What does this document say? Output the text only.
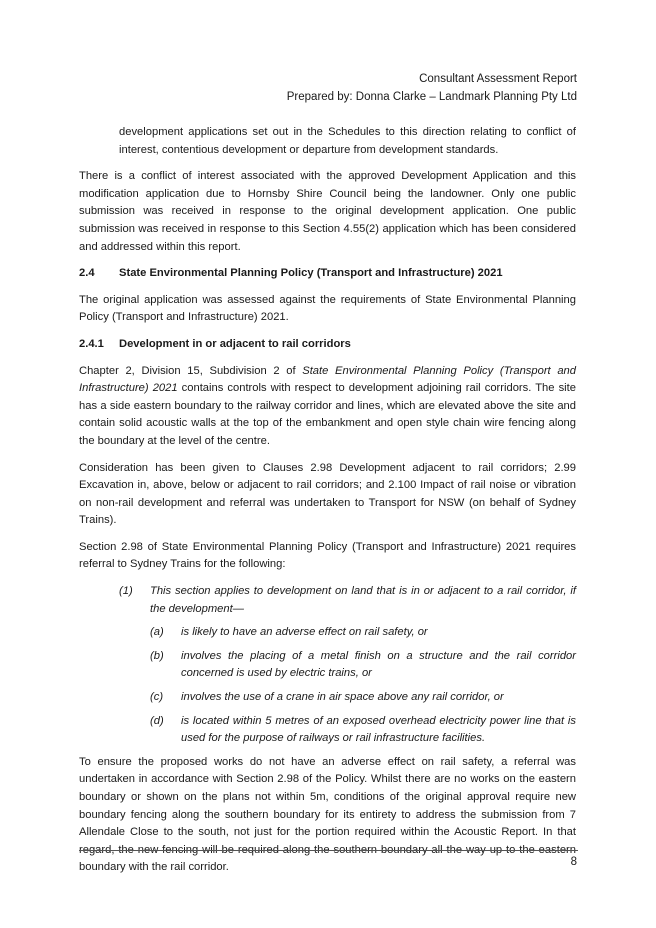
Consultant Assessment Report
Prepared by: Donna Clarke – Landmark Planning Pty Ltd

development applications set out in the Schedules to this direction relating to conflict of interest, contentious development or departure from development standards.

There is a conflict of interest associated with the approved Development Application and this modification application due to Hornsby Shire Council being the landowner. Only one public submission was received in response to the original development application. One public submission was received in response to this Section 4.55(2) application which has been considered and addressed within this report.

2.4 State Environmental Planning Policy (Transport and Infrastructure) 2021

The original application was assessed against the requirements of State Environmental Planning Policy (Transport and Infrastructure) 2021.

2.4.1 Development in or adjacent to rail corridors

Chapter 2, Division 15, Subdivision 2 of State Environmental Planning Policy (Transport and Infrastructure) 2021 contains controls with respect to development adjoining rail corridors. The site has a side eastern boundary to the railway corridor and lines, which are elevated above the site and contain solid acoustic walls at the top of the embankment and open style chain wire fencing along the boundary at the level of the centre.

Consideration has been given to Clauses 2.98 Development adjacent to rail corridors; 2.99 Excavation in, above, below or adjacent to rail corridors; and 2.100 Impact of rail noise or vibration on non-rail development and referral was undertaken to Transport for NSW (on behalf of Sydney Trains).

Section 2.98 of State Environmental Planning Policy (Transport and Infrastructure) 2021 requires referral to Sydney Trains for the following:

(1)	This section applies to development on land that is in or adjacent to a rail corridor, if the development—
(a)	is likely to have an adverse effect on rail safety, or
(b)	involves the placing of a metal finish on a structure and the rail corridor concerned is used by electric trains, or
(c)	involves the use of a crane in air space above any rail corridor, or
(d)	is located within 5 metres of an exposed overhead electricity power line that is used for the purpose of railways or rail infrastructure facilities.

To ensure the proposed works do not have an adverse effect on rail safety, a referral was undertaken in accordance with Section 2.98 of the Policy. Whilst there are no works on the eastern boundary or shown on the plans not within 5m, conditions of the original approval require new boundary fencing along the southern boundary for its entirety to address the submission from 7 Allendale Close to the south, not just for the portion required within the Acoustic Report. In that regard, the new fencing will be required along the southern boundary all the way up to the eastern boundary with the rail corridor.	8
